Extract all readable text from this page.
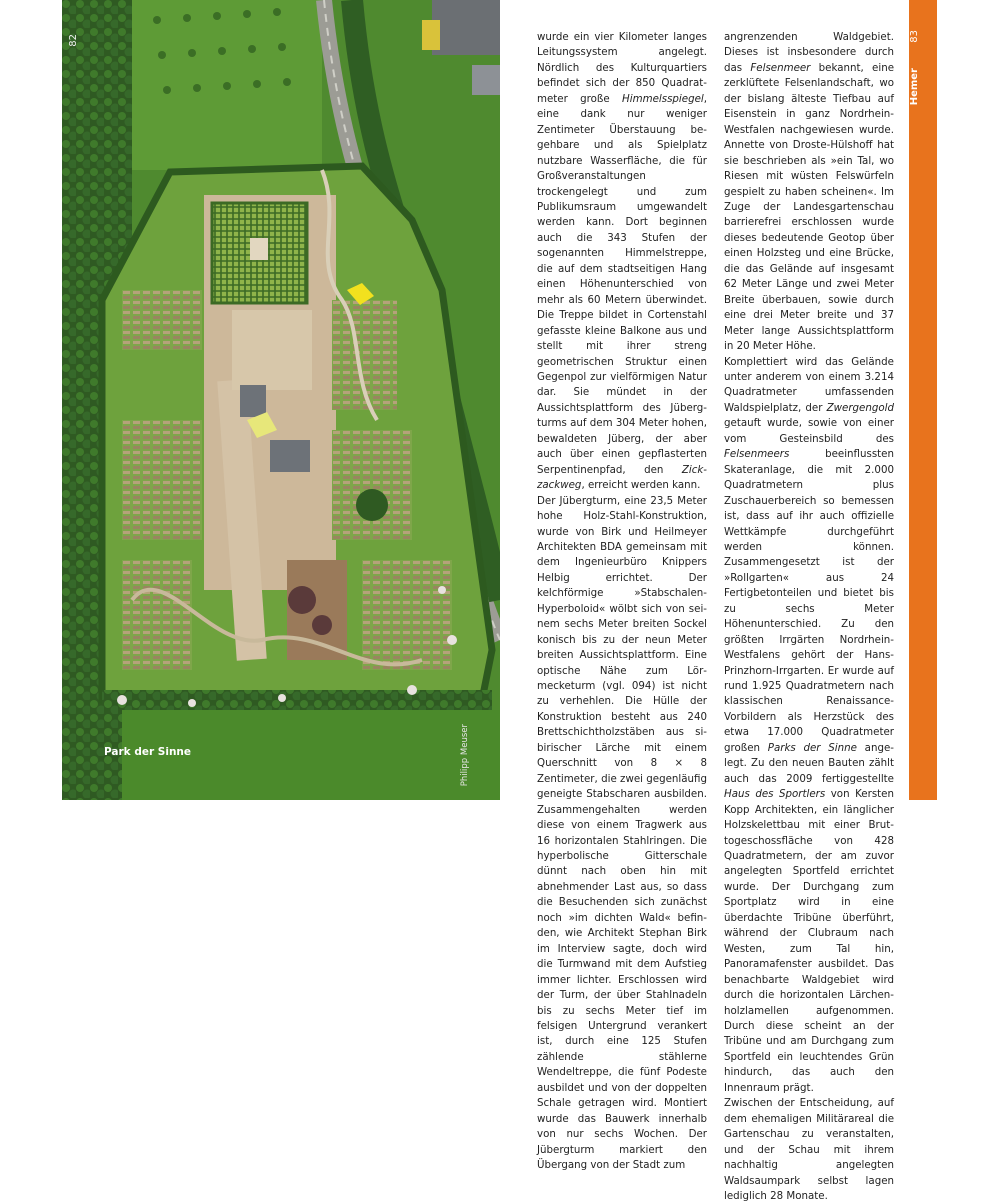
82
Park der Sinne	Philipp Meuser

wurde ein vier Kilometer langes Leitungssystem angelegt. Nördlich des Kulturquartiers befindet sich der 850 Quadratmeter große Himmelsspiegel, eine dank nur weniger Zentimeter Überstauung begehbare und als Spielplatz nutzbare Wasserfläche, die für Großveranstaltungen trockengelegt und zum Publikumsraum umgewandelt werden kann. Dort beginnen auch die 343 Stufen der sogenannten Himmelstreppe, die auf dem stadtseitigen Hang einen Höhenunterschied von mehr als 60 Metern überwindet. Die Treppe bildet in Cortenstahl gefasste kleine Balkone aus und stellt mit ihrer streng geometrischen Struktur einen Gegenpol zur vielförmigen Natur dar. Sie mündet in der Aussichtsplattform des Jübergturms auf dem 304 Meter hohen, bewaldeten Jüberg, der aber auch über einen gepflasterten Serpentinenpfad, den Zickzackweg, erreicht werden kann.

Der Jübergturm, eine 23,5 Meter hohe Holz-Stahl-Konstruktion, wurde von Birk und Heilmeyer Architekten BDA gemeinsam mit dem Ingenieurbüro Knippers Helbig errichtet. Der kelchförmige »Stabschalen-Hyperboloid« wölbt sich von seinem sechs Meter breiten Sockel konisch bis zu der neun Meter breiten Aussichtsplattform. Eine optische Nähe zum Lörmecketurm (vgl. 094) ist nicht zu verhehlen. Die Hülle der Konstruktion besteht aus 240 Brettschichtholzstäben aus sibirischer Lärche mit einem Querschnitt von 8 × 8 Zentimeter, die zwei gegenläufig geneigte Stabscharen ausbilden. Zusammengehalten werden diese von einem Tragwerk aus 16 horizontalen Stahlringen. Die hyperbolische Gitterschale dünnt nach oben hin mit abnehmender Last aus, so dass die Besuchenden sich zunächst noch »im dichten Wald« befinden, wie Architekt Stephan Birk im Interview sagte, doch wird die Turmwand mit dem Aufstieg immer lichter. Erschlossen wird der Turm, der über Stahlnadeln bis zu sechs Meter tief im felsigen Untergrund verankert ist, durch eine 125 Stufen zählende stählerne Wendeltreppe, die fünf Podeste ausbildet und von der doppelten Schale getragen wird. Montiert wurde das Bauwerk innerhalb von nur sechs Wochen. Der Jübergturm markiert den Übergang von der Stadt zum

angrenzenden Waldgebiet. Dieses ist insbesondere durch das Felsenmeer bekannt, eine zerklüftete Felsenlandschaft, wo der bislang älteste Tiefbau auf Eisenstein in ganz Nordrhein-Westfalen nachgewiesen wurde. Annette von Droste-Hülshoff hat sie beschrieben als »ein Tal, wo Riesen mit wüsten Felswürfeln gespielt zu haben scheinen«. Im Zuge der Landesgartenschau barrierefrei erschlossen wurde dieses bedeutende Geotop über einen Holzsteg und eine Brücke, die das Gelände auf insgesamt 62 Meter Länge und zwei Meter Breite überbauen, sowie durch eine drei Meter breite und 37 Meter lange Aussichtsplattform in 20 Meter Höhe.

Komplettiert wird das Gelände unter anderem von einem 3.214 Quadratmeter umfassenden Waldspielplatz, der Zwergengold getauft wurde, sowie von einer vom Gesteinsbild des Felsenmeers beeinflussten Skateranlage, die mit 2.000 Quadratmetern plus Zuschauerbereich so bemessen ist, dass auf ihr auch offizielle Wettkämpfe durchgeführt werden können. Zusammengesetzt ist der »Rollgarten« aus 24 Fertigbetonteilen und bietet bis zu sechs Meter Höhenunterschied. Zu den größten Irrgärten Nordrhein-Westfalens gehört der Hans-Prinzhorn-Irrgarten. Er wurde auf rund 1.925 Quadratmetern nach klassischen Renaissance-Vorbildern als Herzstück des etwa 17.000 Quadratmeter großen Parks der Sinne angelegt. Zu den neuen Bauten zählt auch das 2009 fertiggestellte Haus des Sportlers von Kersten Kopp Architekten, ein länglicher Holzskelettbau mit einer Bruttogeschossfläche von 428 Quadratmetern, der am zuvor angelegten Sportfeld errichtet wurde. Der Durchgang zum Sportplatz wird in eine überdachte Tribüne überführt, während der Clubraum nach Westen, zum Tal hin, Panoramafenster ausbildet. Das benachbarte Waldgebiet wird durch die horizontalen Lärchenholzlamellen aufgenommen. Durch diese scheint an der Tribüne und am Durchgang zum Sportfeld ein leuchtendes Grün hindurch, das auch den Innenraum prägt.

Zwischen der Entscheidung, auf dem ehemaligen Militärareal die Gartenschau zu veranstalten, und der Schau mit ihrem nachhaltig angelegten Waldsaumpark selbst lagen lediglich 28 Monate.

83
Hemer
